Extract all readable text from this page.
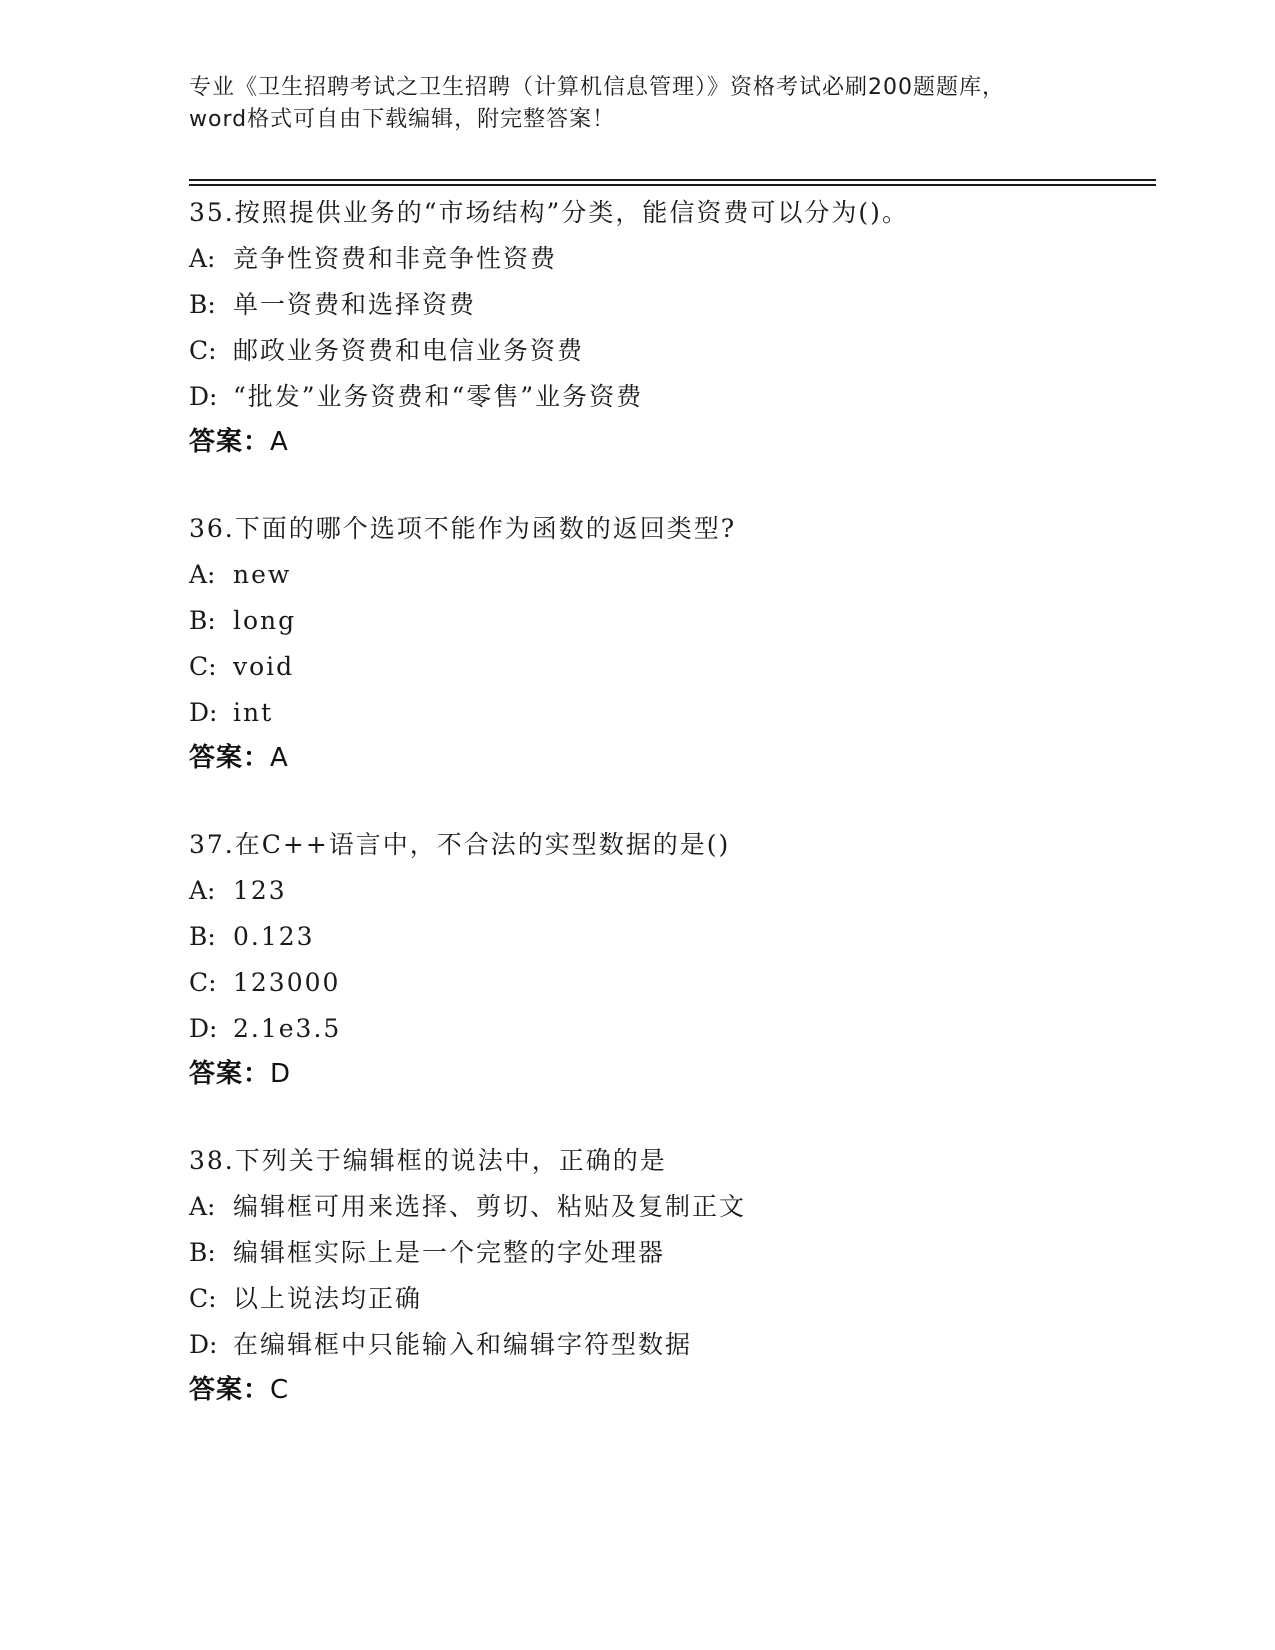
专业《卫生招聘考试之卫生招聘（计算机信息管理）》资格考试必刷200题题库，
word格式可自由下载编辑，附完整答案！
35.按照提供业务的“市场结构”分类，能信资费可以分为()。
A: 竞争性资费和非竞争性资费
B: 单一资费和选择资费
C: 邮政业务资费和电信业务资费
D: “批发”业务资费和“零售”业务资费
答案：A
36.下面的哪个选项不能作为函数的返回类型?
A: new
B: long
C: void
D: int
答案：A
37.在C++语言中，不合法的实型数据的是()
A: 123
B: 0.123
C: 123000
D: 2.1e3.5
答案：D
38.下列关于编辑框的说法中，正确的是
A: 编辑框可用来选择、剪切、粘贴及复制正文
B: 编辑框实际上是一个完整的字处理器
C: 以上说法均正确
D: 在编辑框中只能输入和编辑字符型数据
答案：C
